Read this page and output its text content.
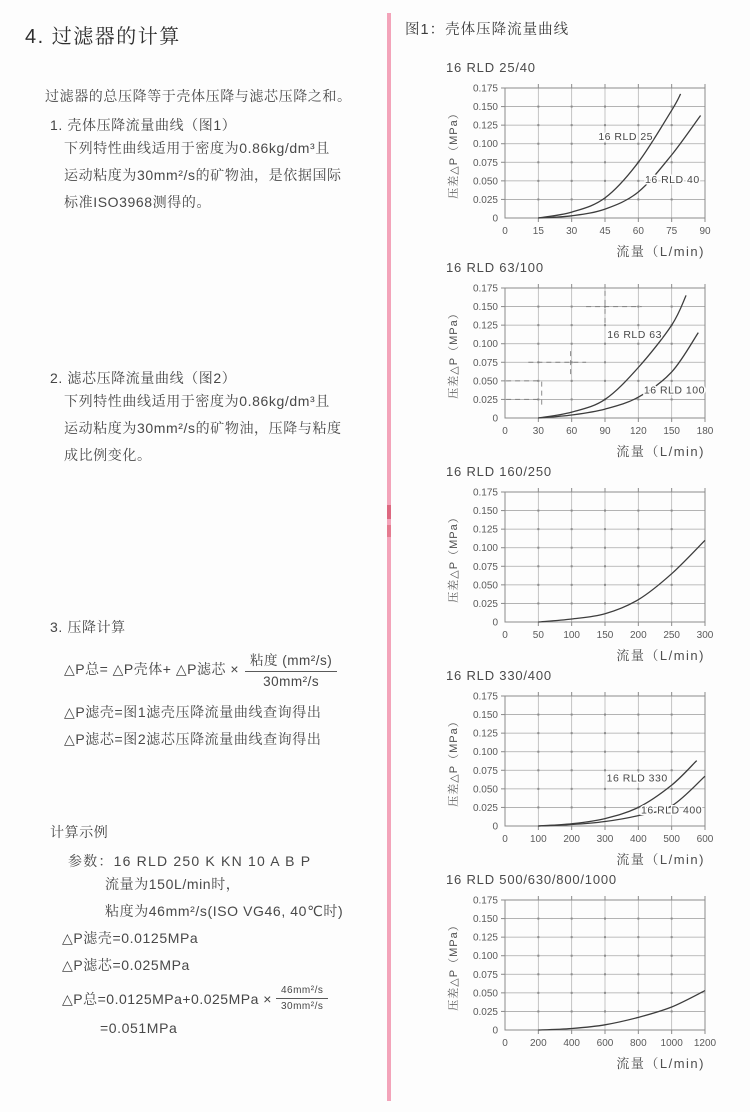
4. 过滤器的计算
过滤器的总压降等于壳体压降与滤芯压降之和。
1. 壳体压降流量曲线（图1）
下列特性曲线适用于密度为0.86kg/dm³且
运动粘度为30mm²/s的矿物油，是依据国际
标准ISO3968测得的。
2. 滤芯压降流量曲线（图2）
下列特性曲线适用于密度为0.86kg/dm³且
运动粘度为30mm²/s的矿物油，压降与粘度
成比例变化。
3. 压降计算
△P总= △P壳体+ △P滤芯 × $\frac{\text{粘度 (mm²/s)}}{\text{30mm²/s}}$
△P滤壳=图1滤壳压降流量曲线查询得出
△P滤芯=图2滤芯压降流量曲线查询得出
计算示例
参数：16 RLD 250 K KN 10 A B P
流量为150L/min时，
粘度为46mm²/s(ISO VG46, 40℃时)
△P滤壳=0.0125MPa
△P滤芯=0.025MPa
△P总$=0.0125MPa+0.025MPa \times \frac{\text{46mm²/s}}{\text{30mm²/s}}$
=0.051MPa
图1：壳体压降流量曲线
16 RLD 25/40
0
0.025
0.050
0.075
0.100
0.125
0.150
0.175
0 15 30 45 60 75 90
压差△P（MPa）
流量（L/min)
16 RLD 25
16 RLD 40
16 RLD 63/100
0
0.025
0.050
0.075
0.100
0.125
0.150
0.175
0 30 60 90 120 150 180
压差△P（MPa）
流量（L/min)
16 RLD 63
16 RLD 100
16 RLD 160/250
0
0.025
0.050
0.075
0.100
0.125
0.150
0.175
0 50 100 150 200 250 300
压差△P（MPa）
流量（L/min)
16 RLD 330/400
0
0.025
0.050
0.075
0.100
0.125
0.150
0.175
0 100 200 300 400 500 600
压差△P（MPa）
流量（L/min)
16 RLD 330
16 RLD 400
16 RLD 500/630/800/1000
0
0.025
0.050
0.075
0.100
0.125
0.150
0.175
0 200 400 600 800 1000 1200
压差△P（MPa）
流量（L/min)
